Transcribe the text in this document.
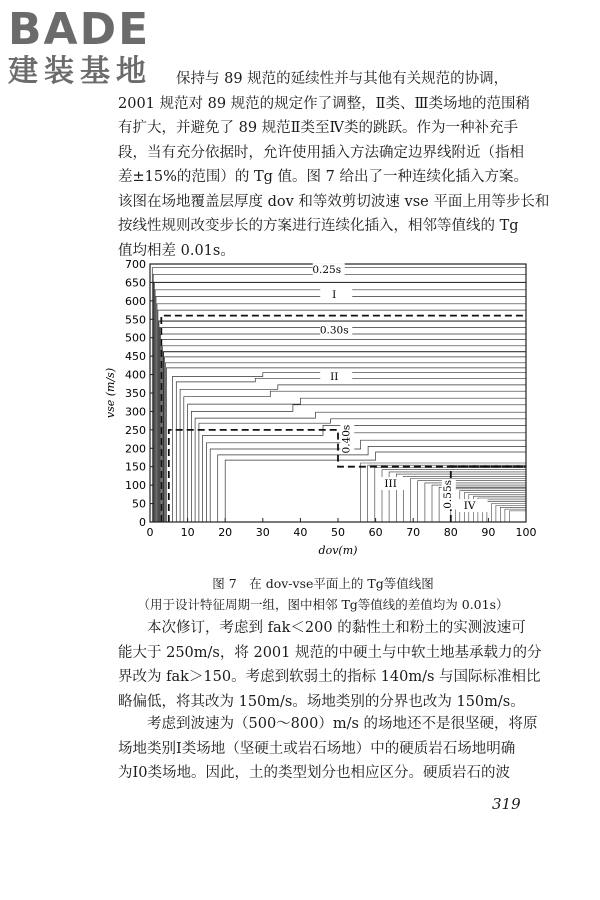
BADE
建装基地	保持与 89 规范的延续性并与其他有关规范的协调，
2001 规范对 89 规范的规定作了调整，Ⅱ类、Ⅲ类场地的范围稍
有扩大，并避免了 89 规范Ⅱ类至Ⅳ类的跳跃。作为一种补充手
段，当有充分依据时，允许使用插入方法确定边界线附近（指相
差±15%的范围）的 Tg 值。图 7 给出了一种连续化插入方案。
该图在场地覆盖层厚度 dov 和等效剪切波速 vse 平面上用等步长和
按线性规则改变步长的方案进行连续化插入，相邻等值线的 Tg
值均相差 0.01s。
0 10 20 30 40 50 60 70 80 90 100
0
50
100
150
200
250
300
350
400
450
500
550
600
650
700	0.25s
I
0.30s
II
0.40s
III	0.55s IV
dov(m)
vse (m/s)
图 7　在 dov-vse平面上的 Tg等值线图
（用于设计特征周期一组，图中相邻 Tg等值线的差值均为 0.01s）
本次修订，考虑到 fak＜200 的黏性土和粉土的实测波速可
能大于 250m/s，将 2001 规范的中硬土与中软土地基承载力的分
界改为 fak＞150。考虑到软弱土的指标 140m/s 与国际标准相比
略偏低，将其改为 150m/s。场地类别的分界也改为 150m/s。
考虑到波速为（500～800）m/s 的场地还不是很坚硬，将原
场地类别Ⅰ类场地（坚硬土或岩石场地）中的硬质岩石场地明确
为Ⅰ0类场地。因此，土的类型划分也相应区分。硬质岩石的波
319
